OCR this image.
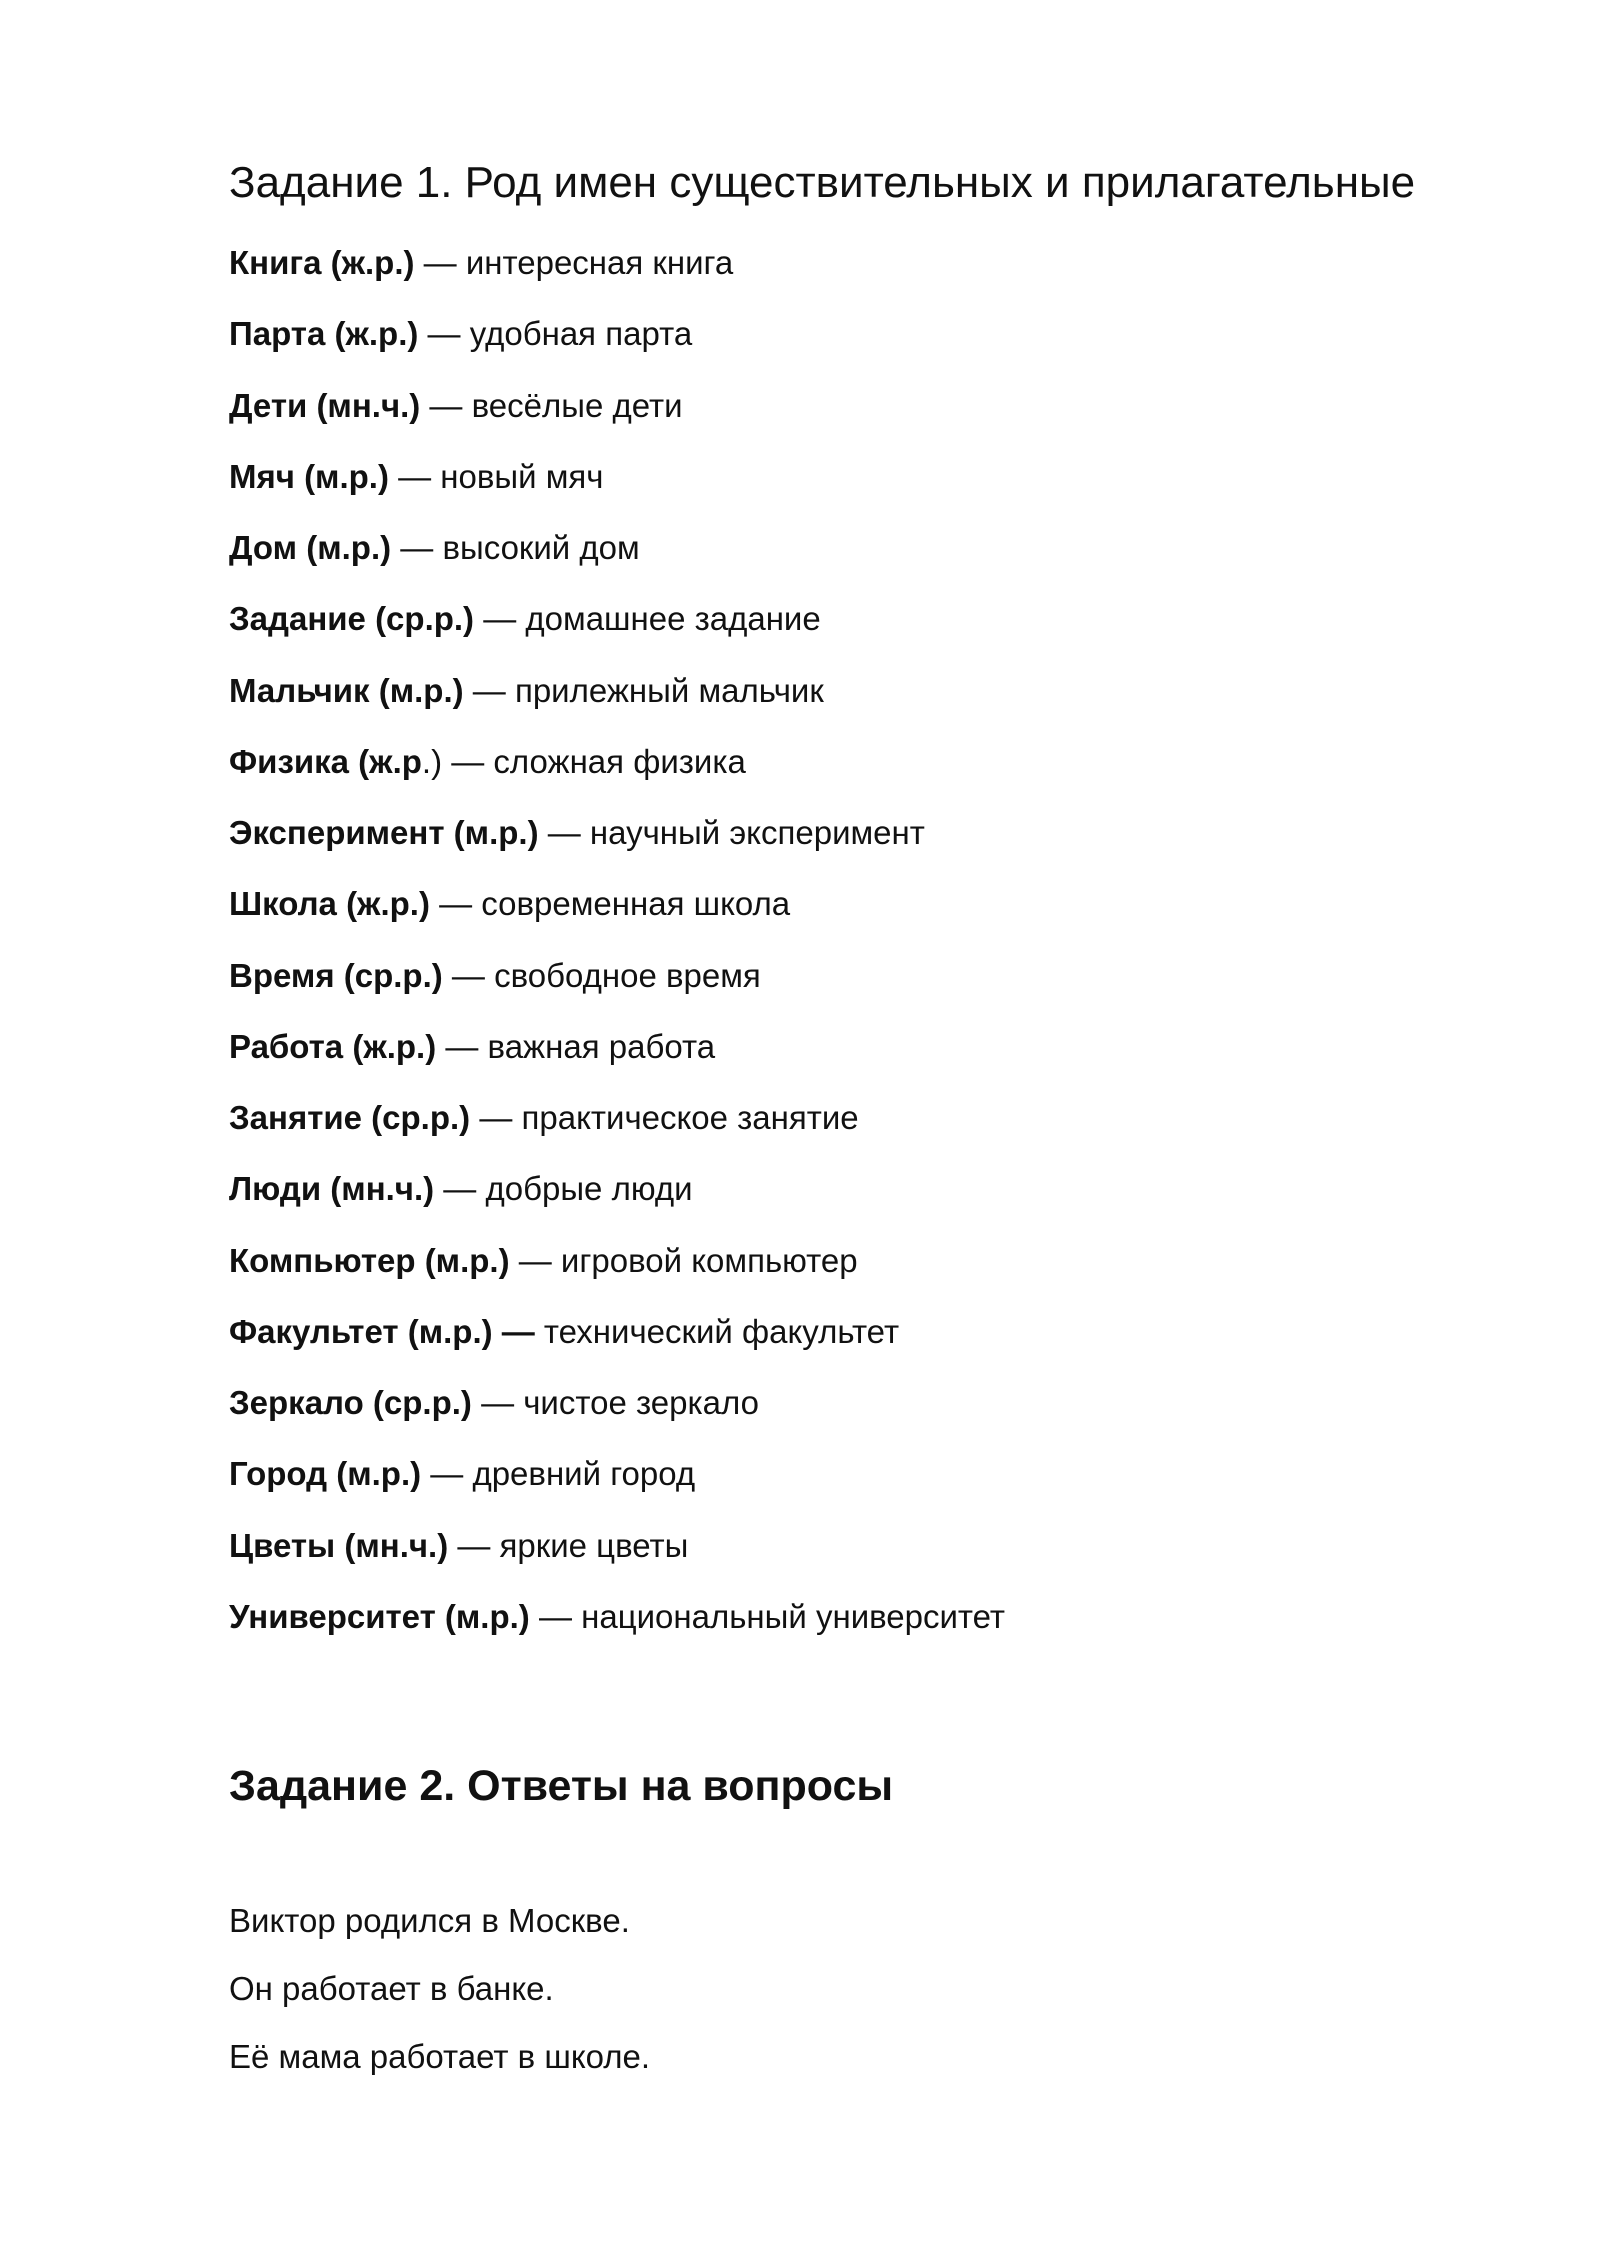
Задание 1. Род имен существительных и прилагательные
Книга (ж.р.) — интересная книга
Парта (ж.р.) — удобная парта
Дети (мн.ч.) — весёлые дети
Мяч (м.р.) — новый мяч
Дом (м.р.) — высокий дом
Задание (ср.р.) — домашнее задание
Мальчик (м.р.) — прилежный мальчик
Физика (ж.р.) — сложная физика
Эксперимент (м.р.) — научный эксперимент
Школа (ж.р.) — современная школа
Время (ср.р.) — свободное время
Работа (ж.р.) — важная работа
Занятие (ср.р.) — практическое занятие
Люди (мн.ч.) — добрые люди
Компьютер (м.р.) — игровой компьютер
Факультет (м.р.) — технический факультет
Зеркало (ср.р.) — чистое зеркало
Город (м.р.) — древний город
Цветы (мн.ч.) — яркие цветы
Университет (м.р.) — национальный университет
Задание 2. Ответы на вопросы
Виктор родился в Москве.
Он работает в банке.
Её мама работает в школе.
